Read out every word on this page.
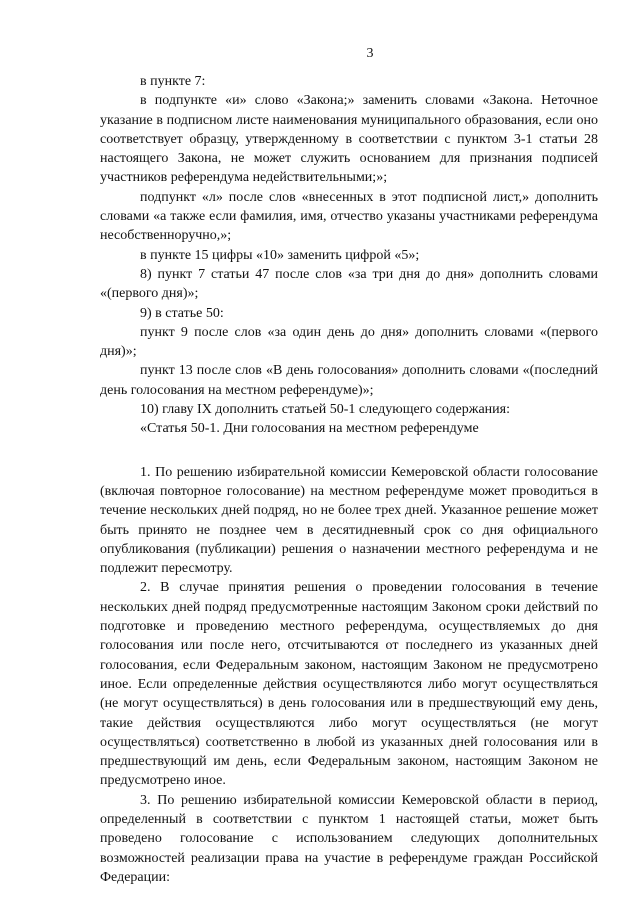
3

в пункте 7:

в подпункте «и» слово «Закона;» заменить словами «Закона. Неточное указание в подписном листе наименования муниципального образования, если оно соответствует образцу, утвержденному в соответствии с пунктом 3-1 статьи 28 настоящего Закона, не может служить основанием для признания подписей участников референдума недействительными;»;

подпункт «л» после слов «внесенных в этот подписной лист,» дополнить словами «а также если фамилия, имя, отчество указаны участниками референдума несобственноручно,»;

в пункте 15 цифры «10» заменить цифрой «5»;

8) пункт 7 статьи 47 после слов «за три дня до дня» дополнить словами «(первого дня)»;

9) в статье 50:

пункт 9 после слов «за один день до дня» дополнить словами «(первого дня)»;

пункт 13 после слов «В день голосования» дополнить словами «(последний день голосования на местном референдуме)»;

10) главу IX дополнить статьей 50-1 следующего содержания:

«Статья 50-1. Дни голосования на местном референдуме

1. По решению избирательной комиссии Кемеровской области голосование (включая повторное голосование) на местном референдуме может проводиться в течение нескольких дней подряд, но не более трех дней. Указанное решение может быть принято не позднее чем в десятидневный срок со дня официального опубликования (публикации) решения о назначении местного референдума и не подлежит пересмотру.

2. В случае принятия решения о проведении голосования в течение нескольких дней подряд предусмотренные настоящим Законом сроки действий по подготовке и проведению местного референдума, осуществляемых до дня голосования или после него, отсчитываются от последнего из указанных дней голосования, если Федеральным законом, настоящим Законом не предусмотрено иное. Если определенные действия осуществляются либо могут осуществляться (не могут осуществляться) в день голосования или в предшествующий ему день, такие действия осуществляются либо могут осуществляться (не могут осуществляться) соответственно в любой из указанных дней голосования или в предшествующий им день, если Федеральным законом, настоящим Законом не предусмотрено иное.

3. По решению избирательной комиссии Кемеровской области в период, определенный в соответствии с пунктом 1 настоящей статьи, может быть проведено голосование с использованием следующих дополнительных возможностей реализации права на участие в референдуме граждан Российской Федерации:
